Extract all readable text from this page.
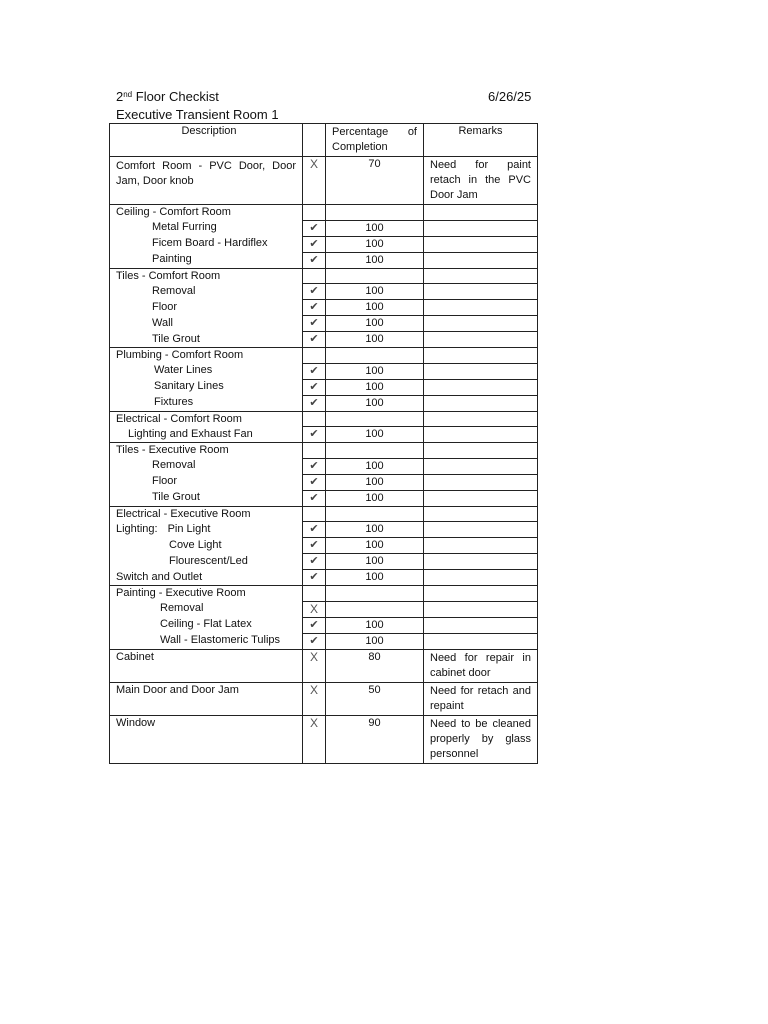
2nd Floor Checkist	6/26/25
Executive Transient Room 1
Description		Percentage of Completion	Remarks

Comfort Room - PVC Door, Door Jam, Door knob	X	70	Need for paint retach in the PVC Door Jam

Ceiling - Comfort Room			

Metal Furring	✔	100	

Ficem Board - Hardiflex	✔	100	

Painting	✔	100	

Tiles - Comfort Room			

Removal	✔	100	

Floor	✔	100	

Wall	✔	100	

Tile Grout	✔	100	

Plumbing - Comfort Room			

Water Lines	✔	100	

Sanitary Lines	✔	100	

Fixtures	✔	100	

Electrical - Comfort Room			

Lighting and Exhaust Fan	✔	100	

Tiles - Executive Room			

Removal	✔	100	

Floor	✔	100	

Tile Grout	✔	100	

Electrical - Executive Room			

Lighting: Pin Light	✔	100	

Cove Light	✔	100	

Flourescent/Led	✔	100	

Switch and Outlet	✔	100	

Painting - Executive Room			

Removal	X		

Ceiling - Flat Latex	✔	100	

Wall - Elastomeric Tulips	✔	100	

Cabinet	X	80	Need for repair in cabinet door

Main Door and Door Jam	X	50	Need for retach and repaint

Window	X	90	Need to be cleaned properly by glass personnel
